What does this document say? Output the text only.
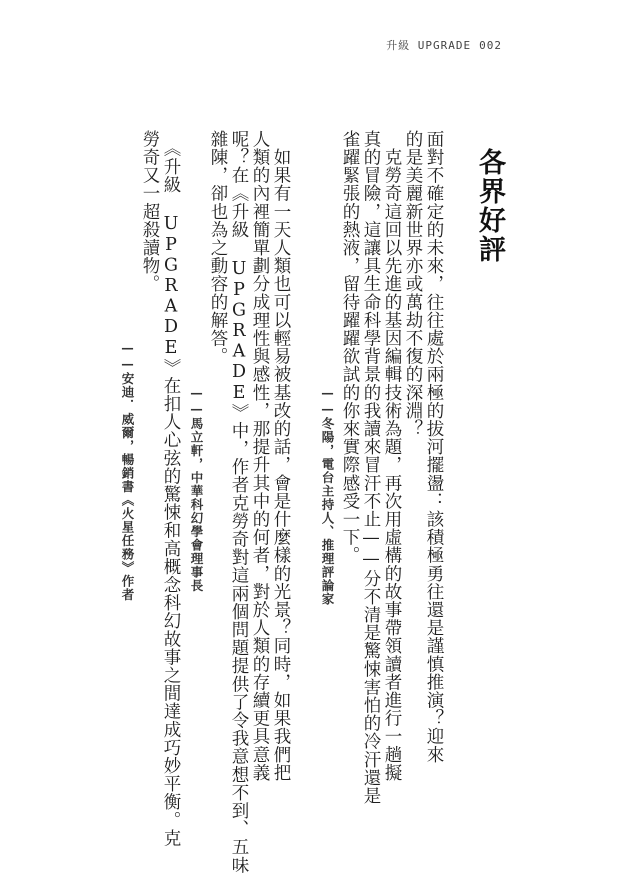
升級 UPGRADE 002
各界好評
面對不確定的未來，往往處於兩極的拔河擺盪：該積極勇往還是謹慎推演？迎來
的是美麗新世界亦或萬劫不復的深淵？
　克勞奇這回以先進的基因編輯技術為題，再次用虛構的故事帶領讀者進行一趟擬
真的冒險，這讓具生命科學背景的我讀來冒汗不止——分不清是驚悚害怕的冷汗還是
雀躍緊張的熱液，留待躍躍欲試的你來實際感受一下。
——冬陽，電台主持人、推理評論家
　如果有一天人類也可以輕易被基改的話，會是什麼樣的光景？同時，如果我們把
人類的內裡簡單劃分成理性與感性，那提升其中的何者，對於人類的存續更具意義
呢？在《升級 UPGRADE》中，作者克勞奇對這兩個問題提供了令我意想不到、五味
雜陳，卻也為之動容的解答。
——馬立軒，中華科幻學會理事長
　《升級 UPGRADE》在扣人心弦的驚悚和高概念科幻故事之間達成巧妙平衡。克
勞奇又一超殺讀物。
——安迪．威爾，暢銷書《火星任務》作者
